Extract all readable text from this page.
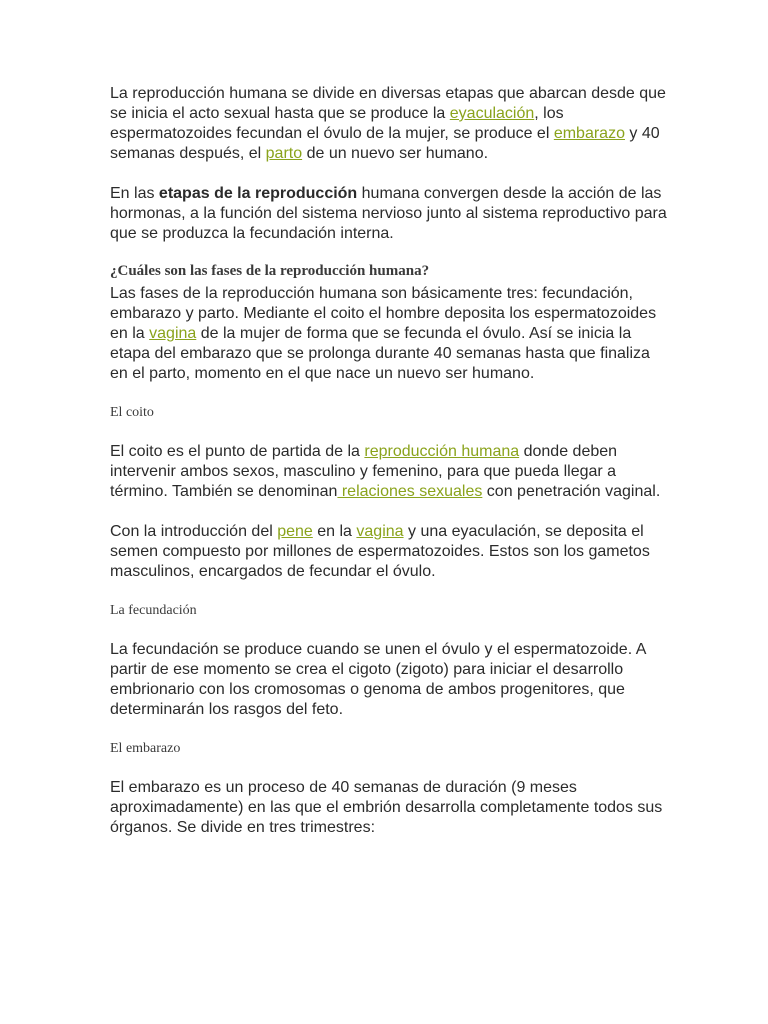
La reproducción humana se divide en diversas etapas que abarcan desde que se inicia el acto sexual hasta que se produce la eyaculación, los espermatozoides fecundan el óvulo de la mujer, se produce el embarazo y 40 semanas después, el parto de un nuevo ser humano.

En las etapas de la reproducción humana convergen desde la acción de las hormonas, a la función del sistema nervioso junto al sistema reproductivo para que se produzca la fecundación interna.

¿Cuáles son las fases de la reproducción humana?

Las fases de la reproducción humana son básicamente tres: fecundación, embarazo y parto. Mediante el coito el hombre deposita los espermatozoides en la vagina de la mujer de forma que se fecunda el óvulo. Así se inicia la etapa del embarazo que se prolonga durante 40 semanas hasta que finaliza en el parto, momento en el que nace un nuevo ser humano.

El coito

El coito es el punto de partida de la reproducción humana donde deben intervenir ambos sexos, masculino y femenino, para que pueda llegar a término. También se denominan relaciones sexuales con penetración vaginal.

Con la introducción del pene en la vagina y una eyaculación, se deposita el semen compuesto por millones de espermatozoides. Estos son los gametos masculinos, encargados de fecundar el óvulo.

La fecundación

La fecundación se produce cuando se unen el óvulo y el espermatozoide. A partir de ese momento se crea el cigoto (zigoto) para iniciar el desarrollo embrionario con los cromosomas o genoma de ambos progenitores, que determinarán los rasgos del feto.

El embarazo

El embarazo es un proceso de 40 semanas de duración (9 meses aproximadamente) en las que el embrión desarrolla completamente todos sus órganos. Se divide en tres trimestres:
